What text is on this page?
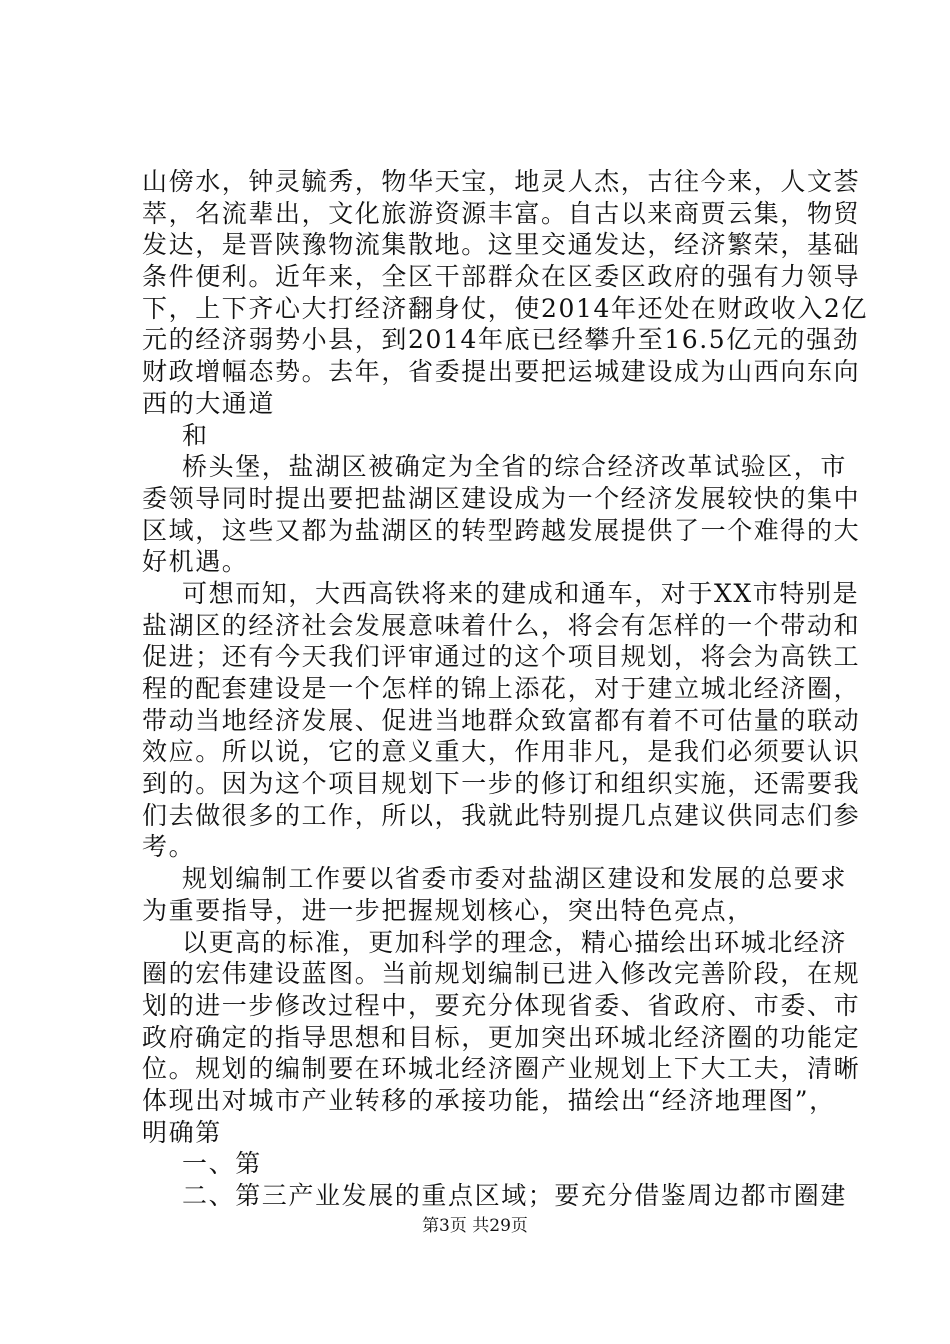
山傍水，钟灵毓秀，物华天宝，地灵人杰，古往今来，人文荟
萃，名流辈出，文化旅游资源丰富。自古以来商贾云集，物贸
发达，是晋陕豫物流集散地。这里交通发达，经济繁荣，基础
条件便利。近年来，全区干部群众在区委区政府的强有力领导
下，上下齐心大打经济翻身仗，使2014年还处在财政收入2亿
元的经济弱势小县，到2014年底已经攀升至16.5亿元的强劲
财政增幅态势。去年，省委提出要把运城建设成为山西向东向
西的大通道
和
桥头堡，盐湖区被确定为全省的综合经济改革试验区，市
委领导同时提出要把盐湖区建设成为一个经济发展较快的集中
区域，这些又都为盐湖区的转型跨越发展提供了一个难得的大
好机遇。
可想而知，大西高铁将来的建成和通车，对于XX市特别是
盐湖区的经济社会发展意味着什么，将会有怎样的一个带动和
促进；还有今天我们评审通过的这个项目规划，将会为高铁工
程的配套建设是一个怎样的锦上添花，对于建立城北经济圈，
带动当地经济发展、促进当地群众致富都有着不可估量的联动
效应。所以说，它的意义重大，作用非凡，是我们必须要认识
到的。因为这个项目规划下一步的修订和组织实施，还需要我
们去做很多的工作，所以，我就此特别提几点建议供同志们参
考。
规划编制工作要以省委市委对盐湖区建设和发展的总要求
为重要指导，进一步把握规划核心，突出特色亮点，
以更高的标准，更加科学的理念，精心描绘出环城北经济
圈的宏伟建设蓝图。当前规划编制已进入修改完善阶段，在规
划的进一步修改过程中，要充分体现省委、省政府、市委、市
政府确定的指导思想和目标，更加突出环城北经济圈的功能定
位。规划的编制要在环城北经济圈产业规划上下大工夫，清晰
体现出对城市产业转移的承接功能，描绘出“经济地理图”，
明确第
一、第
二、第三产业发展的重点区域；要充分借鉴周边都市圈建
第3页 共29页
